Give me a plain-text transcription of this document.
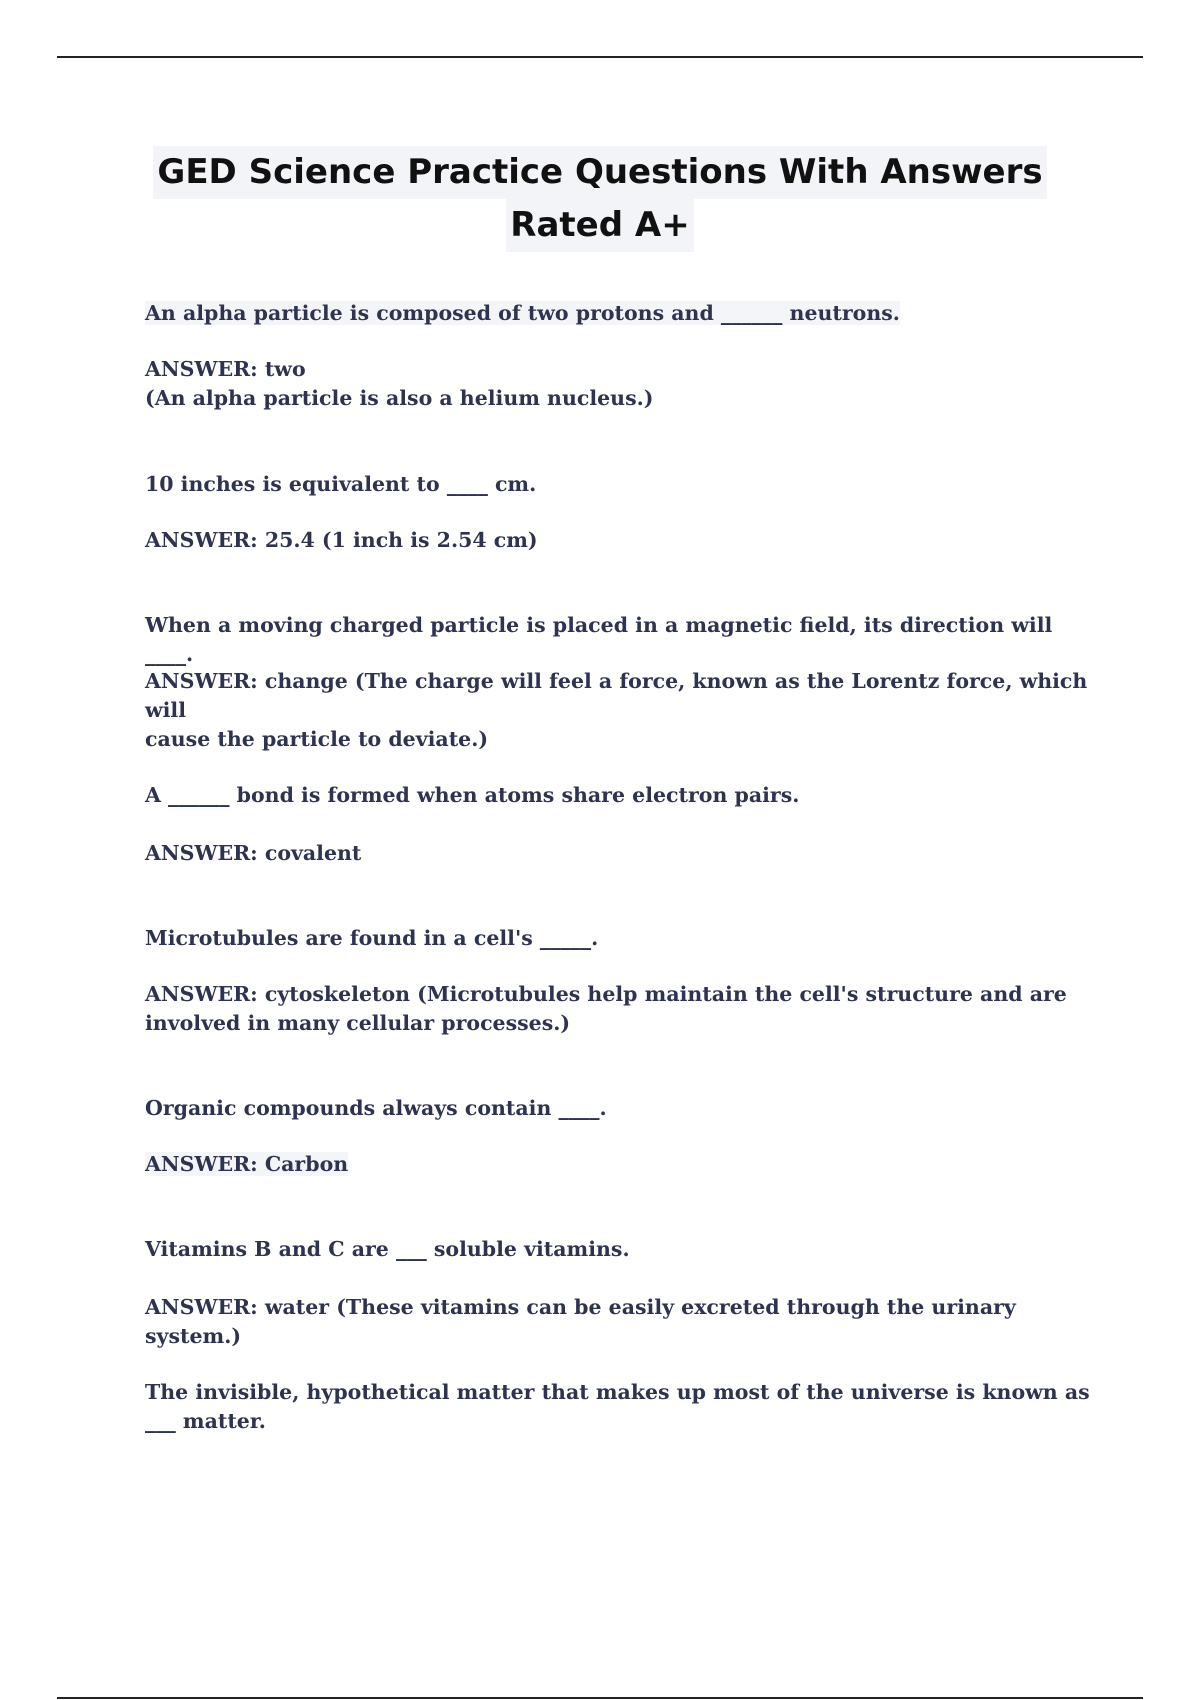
GED Science Practice Questions With Answers
Rated A+

An alpha particle is composed of two protons and ______ neutrons.

ANSWER: two
(An alpha particle is also a helium nucleus.)

10 inches is equivalent to ____ cm.

ANSWER: 25.4 (1 inch is 2.54 cm)

When a moving charged particle is placed in a magnetic field, its direction will ____.

ANSWER: change (The charge will feel a force, known as the Lorentz force, which will
cause the particle to deviate.)

A ______ bond is formed when atoms share electron pairs.

ANSWER: covalent

Microtubules are found in a cell's _____.

ANSWER: cytoskeleton (Microtubules help maintain the cell's structure and are
involved in many cellular processes.)

Organic compounds always contain ____.

ANSWER: Carbon

Vitamins B and C are ___ soluble vitamins.

ANSWER: water (These vitamins can be easily excreted through the urinary system.)

The invisible, hypothetical matter that makes up most of the universe is known as
___ matter.
